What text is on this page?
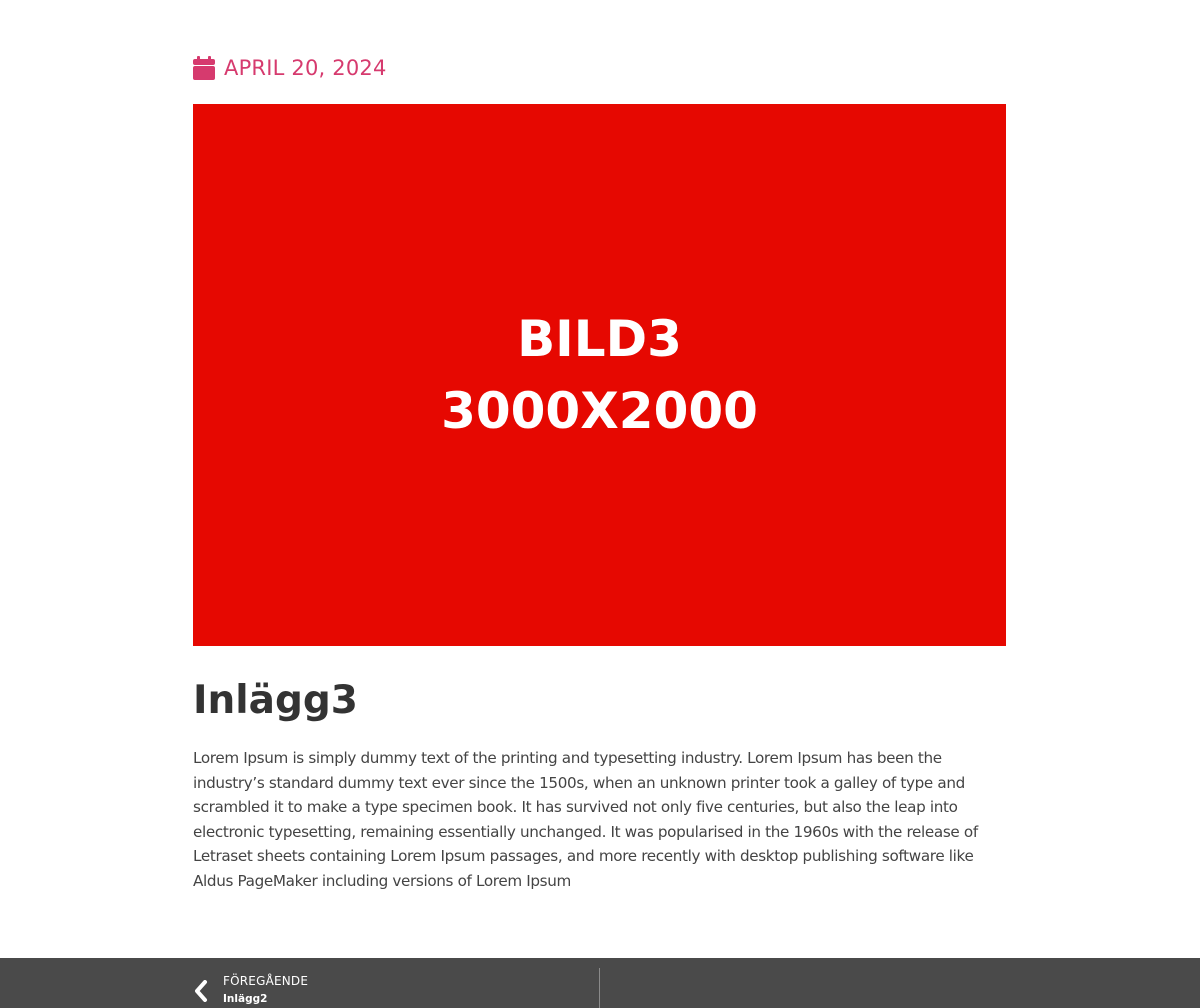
APRIL 20, 2024
BILD3
3000X2000
Inlägg3

Lorem Ipsum is simply dummy text of the printing and typesetting industry. Lorem Ipsum has been the industry’s standard dummy text ever since the 1500s, when an unknown printer took a galley of type and scrambled it to make a type specimen book. It has survived not only five centuries, but also the leap into electronic typesetting, remaining essentially unchanged. It was popularised in the 1960s with the release of Letraset sheets containing Lorem Ipsum passages, and more recently with desktop publishing software like Aldus PageMaker including versions of Lorem Ipsum

FÖREGÅENDE
Inlägg2
